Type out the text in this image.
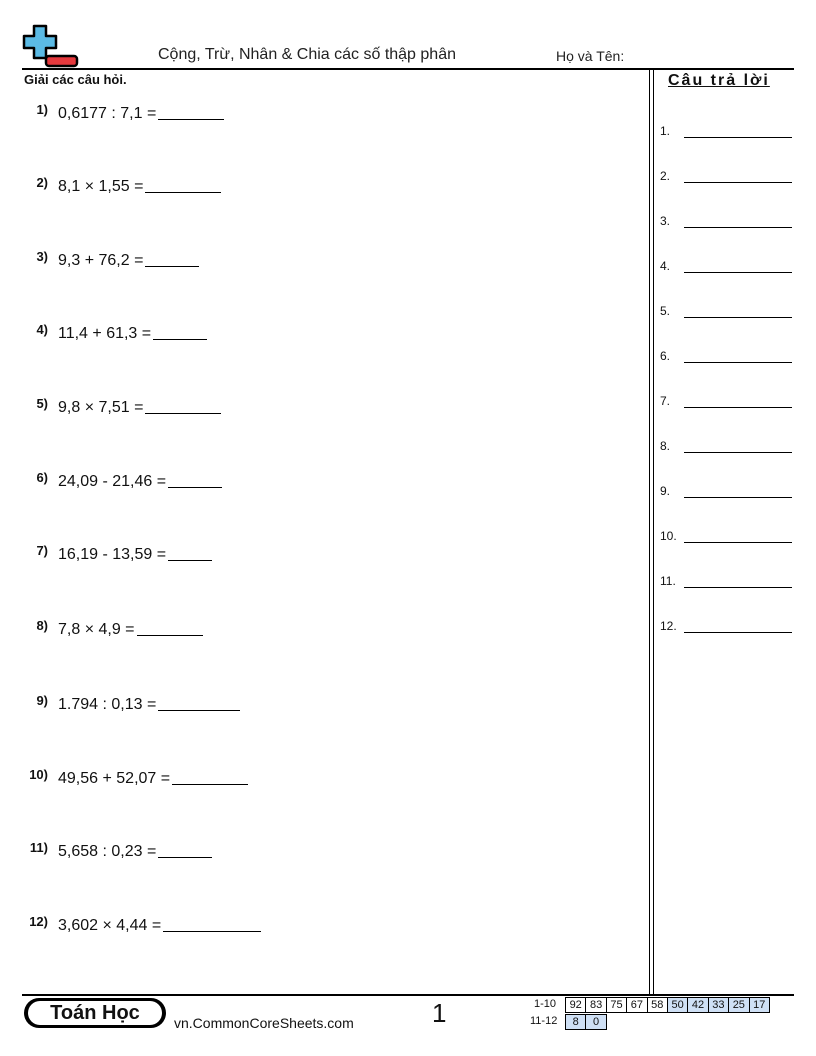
Cộng, Trừ, Nhân & Chia các số thập phân	Họ và Tên:
Giải các câu hỏi.
1) 0,6177 : 7,1 =
2) 8,1 × 1,55 =
3) 9,3 + 76,2 =
4) 11,4 + 61,3 =
5) 9,8 × 7,51 =
6) 24,09 - 21,46 =
7) 16,19 - 13,59 =
8) 7,8 × 4,9 =
9) 1.794 : 0,13 =
10) 49,56 + 52,07 =
11) 5,658 : 0,23 =
12) 3,602 × 4,44 =
Câu trả lời
1.
2.
3.
4.
5.
6.
7.
8.
9.
10.
11.
12.
Toán Học	vn.CommonCoreSheets.com	1	1-10 92	83	75	67	58	50	42	33	25	17
11-12 8	0
